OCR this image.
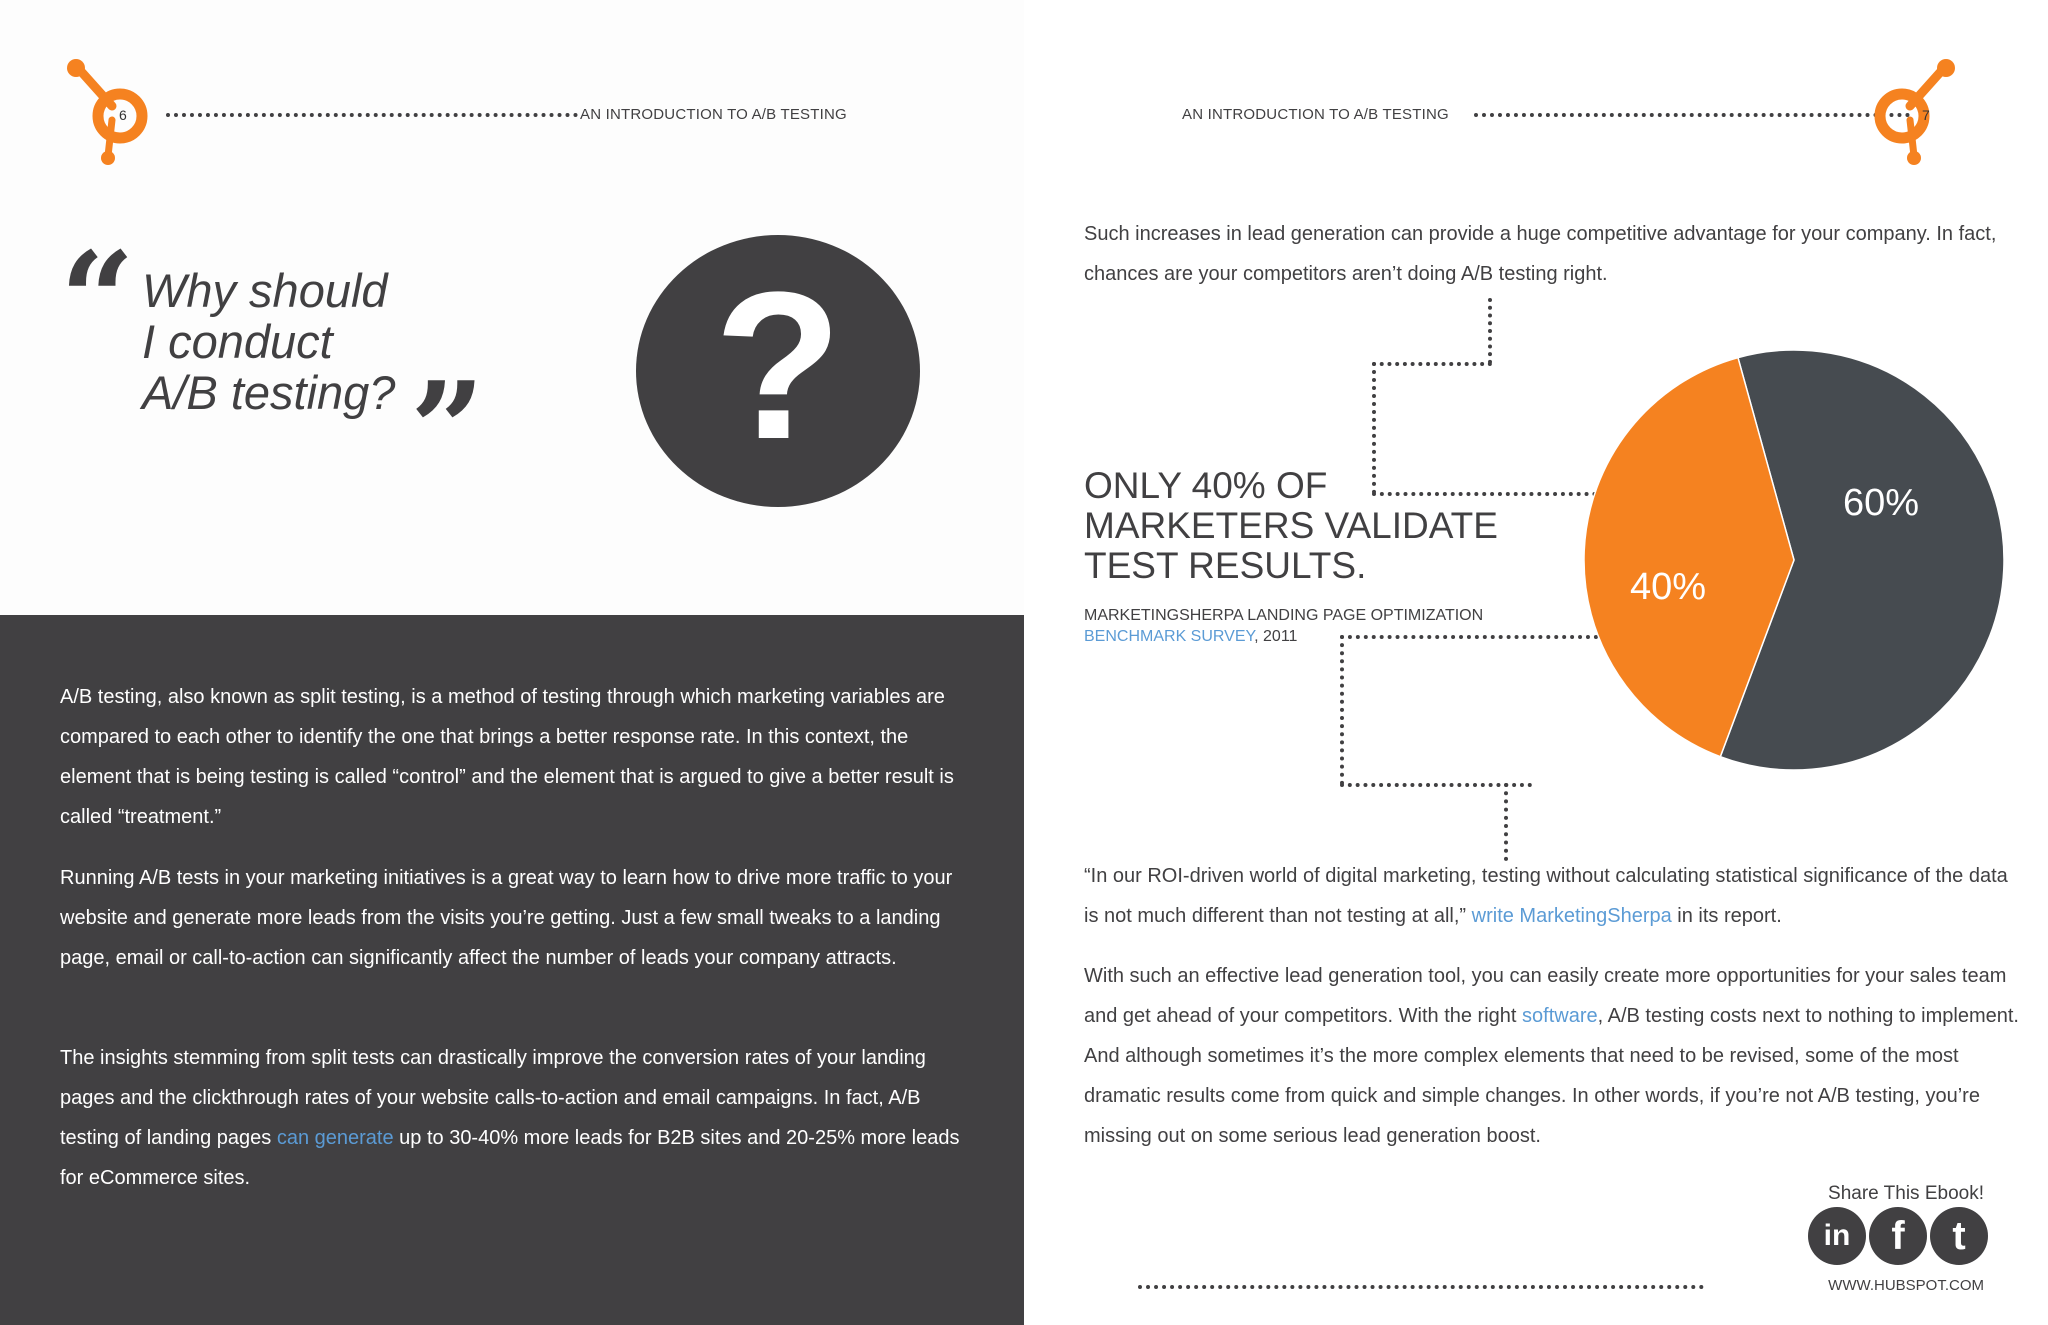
6	AN INTRODUCTION TO A/B TESTING
“ Why should
I conduct
A/B testing? ” ?

A/B testing, also known as split testing, is a method of testing through which marketing variables are compared to each other to identify the one that brings a better response rate. In this context, the element that is being testing is called “control” and the element that is argued to give a better result is called “treatment.”

Running A/B tests in your marketing initiatives is a great way to learn how to drive more traffic to your website and generate more leads from the visits you’re getting. Just a few small tweaks to a landing page, email or call-to-action can significantly affect the number of leads your company attracts.

The insights stemming from split tests can drastically improve the conversion rates of your landing pages and the clickthrough rates of your website calls-to-action and email campaigns. In fact, A/B testing of landing pages can generate up to 30-40% more leads for B2B sites and 20-25% more leads for eCommerce sites.

AN INTRODUCTION TO A/B TESTING	7

Such increases in lead generation can provide a huge competitive advantage for your company. In fact, chances are your competitors aren’t doing A/B testing right.

ONLY 40% OF
MARKETERS VALIDATE
TEST RESULTS.
MARKETINGSHERPA LANDING PAGE OPTIMIZATION
BENCHMARK SURVEY, 2011
60%
40%

“In our ROI-driven world of digital marketing, testing without calculating statistical significance of the data is not much different than not testing at all,” write MarketingSherpa in its report.

With such an effective lead generation tool, you can easily create more opportunities for your sales team and get ahead of your competitors. With the right software, A/B testing costs next to nothing to implement. And although sometimes it’s the more complex elements that need to be revised, some of the most dramatic results come from quick and simple changes. In other words, if you’re not A/B testing, you’re missing out on some serious lead generation boost.

Share This Ebook!
in	f	t
WWW.HUBSPOT.COM
